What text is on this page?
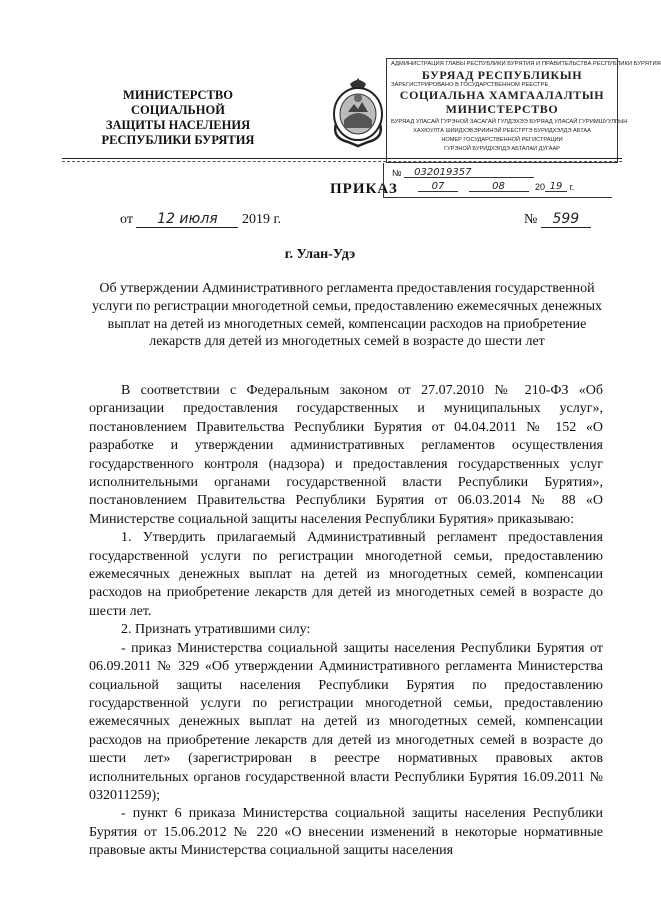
МИНИСТЕРСТВО СОЦИАЛЬНОЙ
ЗАЩИТЫ НАСЕЛЕНИЯ
РЕСПУБЛИКИ БУРЯТИЯ
АДМИНИСТРАЦИЯ ГЛАВЫ РЕСПУБЛИКИ БУРЯТИЯ И ПРАВИТЕЛЬСТВА РЕСПУБЛИКИ БУРЯТИЯ
БУРЯАД РЕСПУБЛИКЫН
ЗАРЕГИСТРИРОВАНО В ГОСУДАРСТВЕННОМ РЕЕСТРЕ
СОЦИАЛЬНА ХАМГААЛАЛТЫН
МИНИСТЕРСТВО
БУРЯАД УЛАСАЙ ГУРЭНОЙ ЗАСАГАЙ ГУЛДЭХЭЭ БУРЯАД УЛАСАЙ ГУРИМШУУЛГЫН
ХАХЮУЛТА ШИИДХЭБЭРИИНЭЙ РЕЕСТРТЭ БУРИДХЭЛДЭ АБТАА
НОМЕР ГОСУДАРСТВЕННОЙ РЕГИСТРАЦИИ
ГУРЭНОЙ БУРИДХЭЛДЭ АБТАЛАИ ДУГААР
ПРИКАЗ
№ 032019357
07	08	20 19 г.
от 12 июля 2019 г.	№ 599
г. Улан-Удэ
Об утверждении Административного регламента предоставления государственной услуги по регистрации многодетной семьи, предоставлению ежемесячных денежных выплат на детей из многодетных семей, компенсации расходов на приобретение лекарств для детей из многодетных семей в возрасте до шести лет

В соответствии с Федеральным законом от 27.07.2010 № 210-ФЗ «Об организации предоставления государственных и муниципальных услуг», постановлением Правительства Республики Бурятия от 04.04.2011 № 152 «О разработке и утверждении административных регламентов осуществления государственного контроля (надзора) и предоставления государственных услуг исполнительными органами государственной власти Республики Бурятия», постановлением Правительства Республики Бурятия от 06.03.2014 № 88 «О Министерстве социальной защиты населения Республики Бурятия» приказываю:

1. Утвердить прилагаемый Административный регламент предоставления государственной услуги по регистрации многодетной семьи, предоставлению ежемесячных денежных выплат на детей из многодетных семей, компенсации расходов на приобретение лекарств для детей из многодетных семей в возрасте до шести лет.

2. Признать утратившими силу:

- приказ Министерства социальной защиты населения Республики Бурятия от 06.09.2011 № 329 «Об утверждении Административного регламента Министерства социальной защиты населения Республики Бурятия по предоставлению государственной услуги по регистрации многодетной семьи, предоставлению ежемесячных денежных выплат на детей из многодетных семей, компенсации расходов на приобретение лекарств для детей из многодетных семей в возрасте до шести лет» (зарегистрирован в реестре нормативных правовых актов исполнительных органов государственной власти Республики Бурятия 16.09.2011 № 032011259);

- пункт 6 приказа Министерства социальной защиты населения Республики Бурятия от 15.06.2012 № 220 «О внесении изменений в некоторые нормативные правовые акты Министерства социальной защиты населения
